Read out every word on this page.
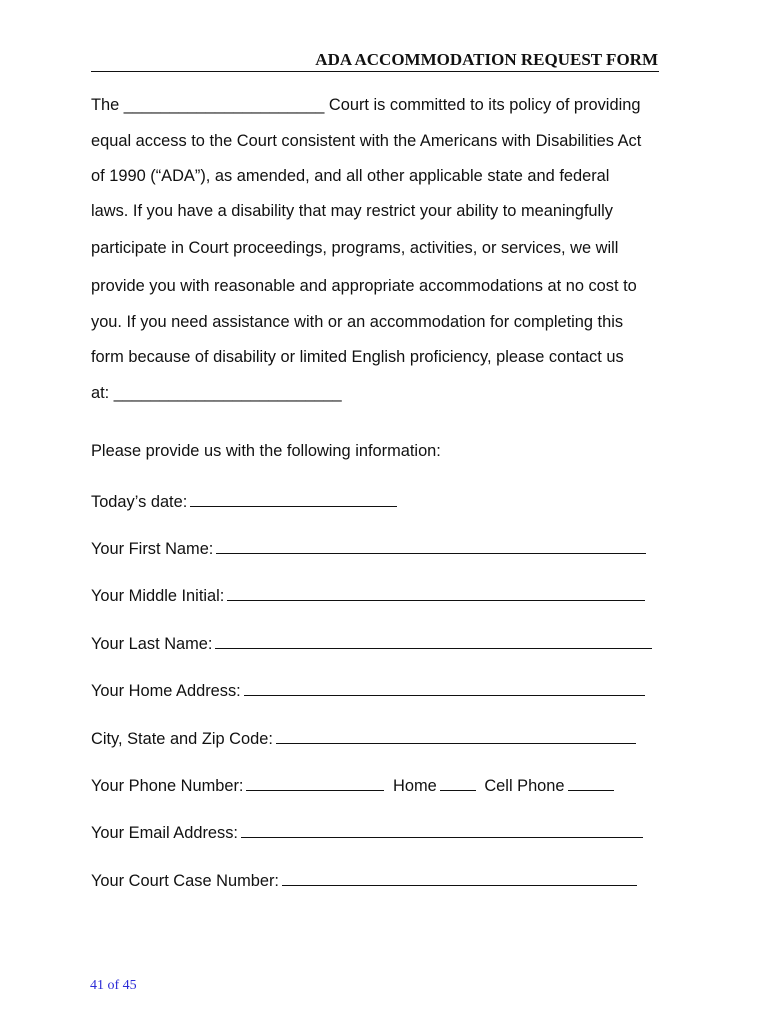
ADA ACCOMMODATION REQUEST FORM
The ______________________ Court is committed to its policy of providing
equal access to the Court consistent with the Americans with Disabilities Act
of 1990 (“ADA”), as amended, and all other applicable state and federal
laws. If you have a disability that may restrict your ability to meaningfully
participate in Court proceedings, programs, activities, or services, we will
provide you with reasonable and appropriate accommodations at no cost to
you. If you need assistance with or an accommodation for completing this
form because of disability or limited English proficiency, please contact us
at: _________________________
Please provide us with the following information:
Today’s date:
Your First Name:
Your Middle Initial:
Your Last Name:
Your Home Address:
City, State and Zip Code:
Your Phone Number:	Home	Cell Phone
Your Email Address:
Your Court Case Number:
41 of 45
